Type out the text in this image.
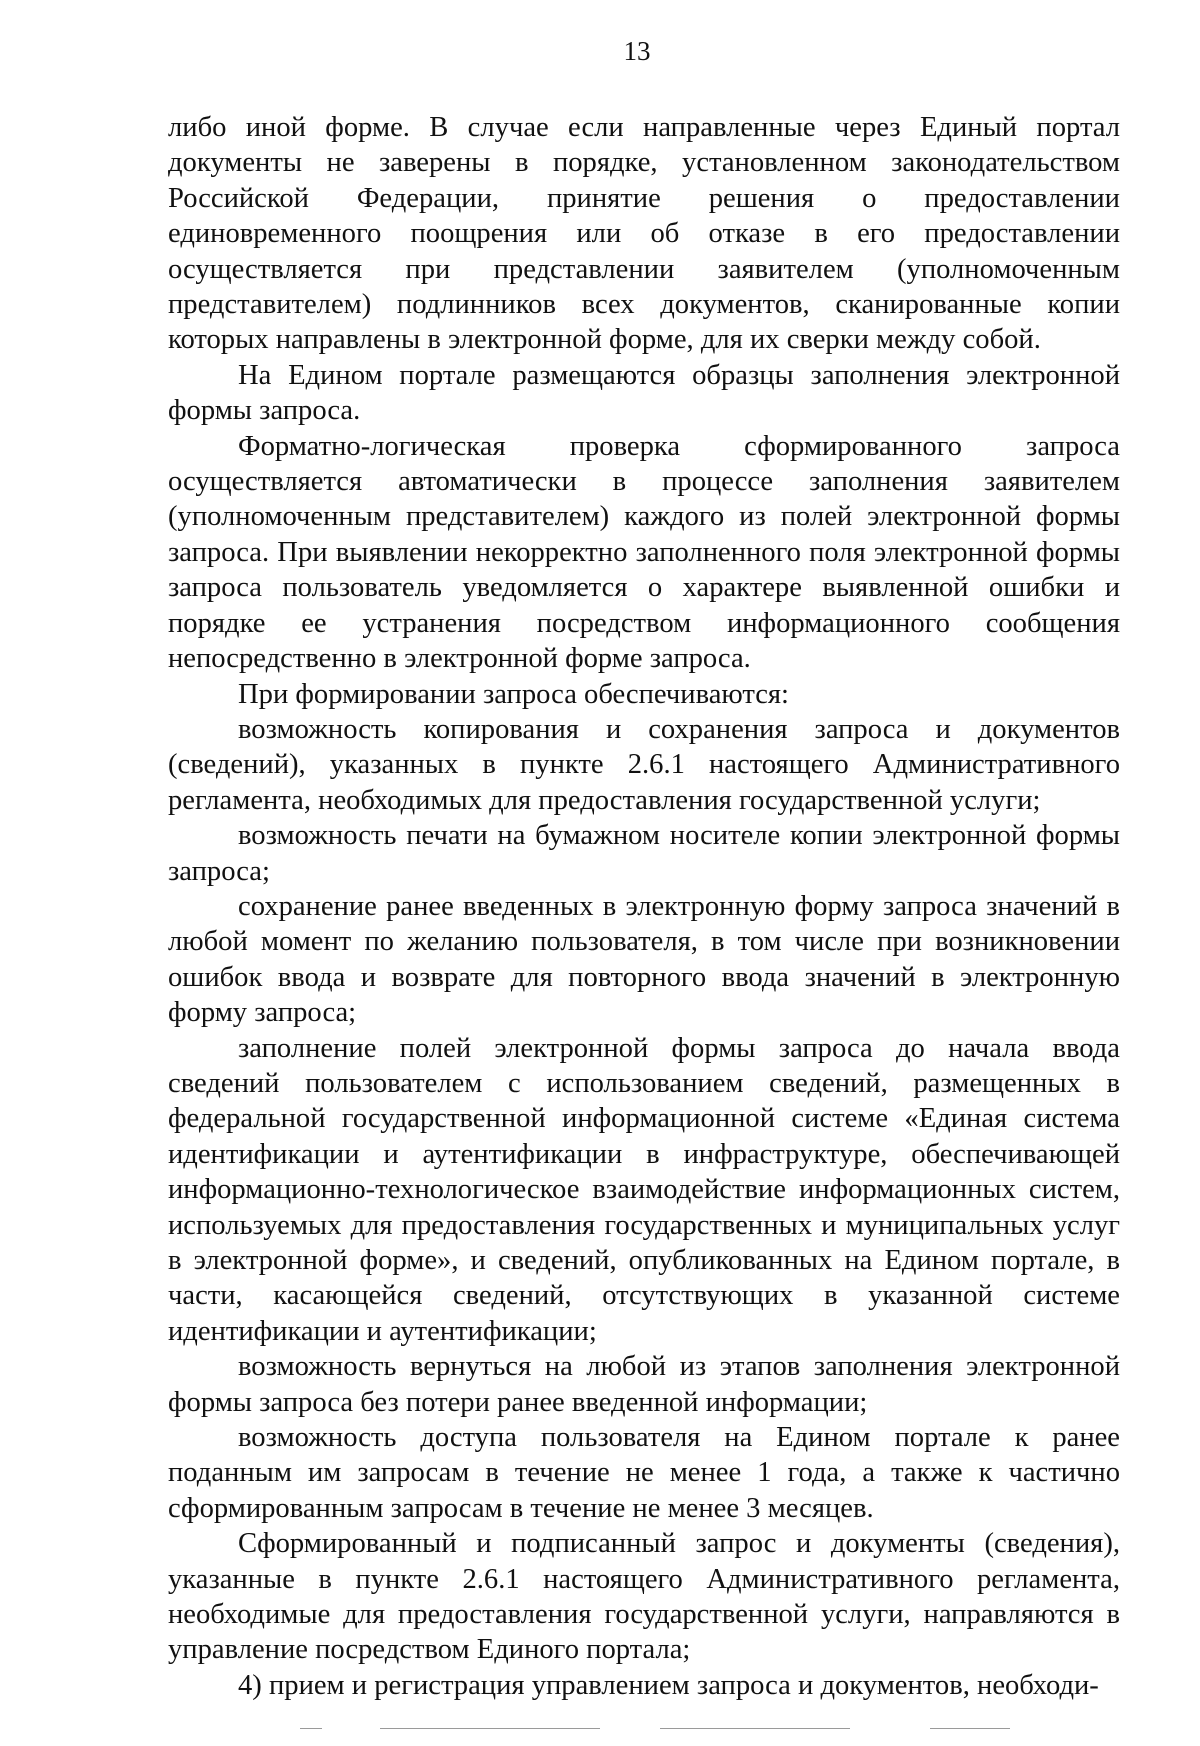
13

либо иной форме. В случае если направленные через Единый портал документы не заверены в порядке, установленном законодательством Российской Федерации, принятие решения о предоставлении единовременного поощрения или об отказе в его предоставлении осуществляется при представлении заявителем (уполномоченным представителем) подлинников всех документов, сканированные копии которых направлены в электронной форме, для их сверки между собой.

На Едином портале размещаются образцы заполнения электронной формы запроса.

Форматно-логическая проверка сформированного запроса осуществляется автоматически в процессе заполнения заявителем (уполномоченным представителем) каждого из полей электронной формы запроса. При выявлении некорректно заполненного поля электронной формы запроса пользователь уведомляется о характере выявленной ошибки и порядке ее устранения посредством информационного сообщения непосредственно в электронной форме запроса.

При формировании запроса обеспечиваются:

возможность копирования и сохранения запроса и документов (сведений), указанных в пункте 2.6.1 настоящего Административного регламента, необходимых для предоставления государственной услуги;

возможность печати на бумажном носителе копии электронной формы запроса;

сохранение ранее введенных в электронную форму запроса значений в любой момент по желанию пользователя, в том числе при возникновении ошибок ввода и возврате для повторного ввода значений в электронную форму запроса;

заполнение полей электронной формы запроса до начала ввода сведений пользователем с использованием сведений, размещенных в федеральной государственной информационной системе «Единая система идентификации и аутентификации в инфраструктуре, обеспечивающей информационно-технологическое взаимодействие информационных систем, используемых для предоставления государственных и муниципальных услуг в электронной форме», и сведений, опубликованных на Едином портале, в части, касающейся сведений, отсутствующих в указанной системе идентификации и аутентификации;

возможность вернуться на любой из этапов заполнения электронной формы запроса без потери ранее введенной информации;

возможность доступа пользователя на Едином портале к ранее поданным им запросам в течение не менее 1 года, а также к частично сформированным запросам в течение не менее 3 месяцев.

Сформированный и подписанный запрос и документы (сведения), указанные в пункте 2.6.1 настоящего Административного регламента, необходимые для предоставления государственной услуги, направляются в управление посредством Единого портала;

4) прием и регистрация управлением запроса и документов, необходи-
